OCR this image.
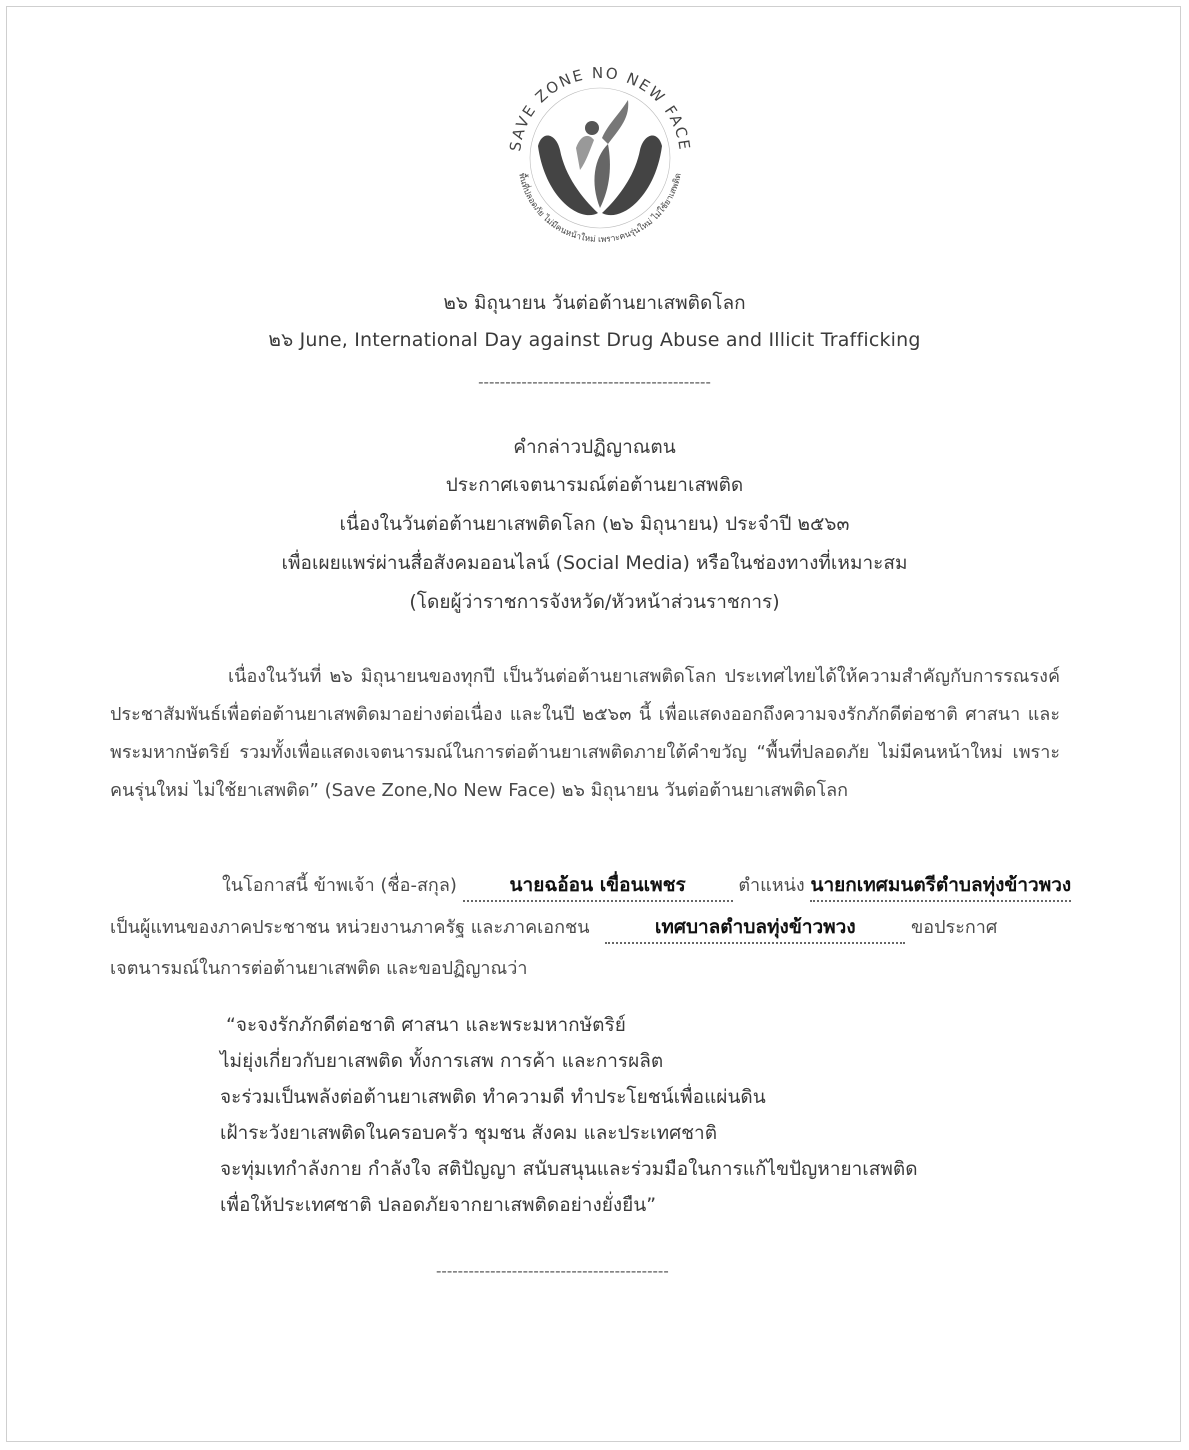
SAVE ZONE NO NEW FACE
พื้นที่ปลอดภัย ไม่มีคนหน้าใหม่ เพราะคนรุ่นใหม่ ไม่ใช้ยาเสพติด
๒๖ มิถุนายน วันต่อต้านยาเสพติดโลก
๒๖ June, International Day against Drug Abuse and Illicit Trafficking
-------------------------------------------
คำกล่าวปฏิญาณตน
ประกาศเจตนารมณ์ต่อต้านยาเสพติด
เนื่องในวันต่อต้านยาเสพติดโลก (๒๖ มิถุนายน) ประจำปี ๒๕๖๓
เพื่อเผยแพร่ผ่านสื่อสังคมออนไลน์ (Social Media) หรือในช่องทางที่เหมาะสม
(โดยผู้ว่าราชการจังหวัด/หัวหน้าส่วนราชการ)
เนื่องในวันที่ ๒๖ มิถุนายนของทุกปี เป็นวันต่อต้านยาเสพติดโลก ประเทศไทยได้ให้ความสำคัญกับการรณรงค์ประชาสัมพันธ์เพื่อต่อต้านยาเสพติดมาอย่างต่อเนื่อง และในปี ๒๕๖๓ นี้ เพื่อแสดงออกถึงความจงรักภักดีต่อชาติ ศาสนา และพระมหากษัตริย์ รวมทั้งเพื่อแสดงเจตนารมณ์ในการต่อต้านยาเสพติดภายใต้คำขวัญ “พื้นที่ปลอดภัย ไม่มีคนหน้าใหม่ เพราะคนรุ่นใหม่ ไม่ใช้ยาเสพติด” (Save Zone,No New Face) ๒๖ มิถุนายน วันต่อต้านยาเสพติดโลก
ในโอกาสนี้ ข้าพเจ้า (ชื่อ-สกุล)	นายฉอ้อน เขื่อนเพชร	ตำแหน่ง นายกเทศมนตรีตำบลทุ่งข้าวพวง
เป็นผู้แทนของภาคประชาชน หน่วยงานภาครัฐ และภาคเอกชน	เทศบาลตำบลทุ่งข้าวพวง	ขอประกาศ
เจตนารมณ์ในการต่อต้านยาเสพติด และขอปฏิญาณว่า
“จะจงรักภักดีต่อชาติ ศาสนา และพระมหากษัตริย์
ไม่ยุ่งเกี่ยวกับยาเสพติด ทั้งการเสพ การค้า และการผลิต
จะร่วมเป็นพลังต่อต้านยาเสพติด ทำความดี ทำประโยชน์เพื่อแผ่นดิน
เฝ้าระวังยาเสพติดในครอบครัว ชุมชน สังคม และประเทศชาติ
จะทุ่มเทกำลังกาย กำลังใจ สติปัญญา สนับสนุนและร่วมมือในการแก้ไขปัญหายาเสพติด
เพื่อให้ประเทศชาติ ปลอดภัยจากยาเสพติดอย่างยั่งยืน”
-------------------------------------------
